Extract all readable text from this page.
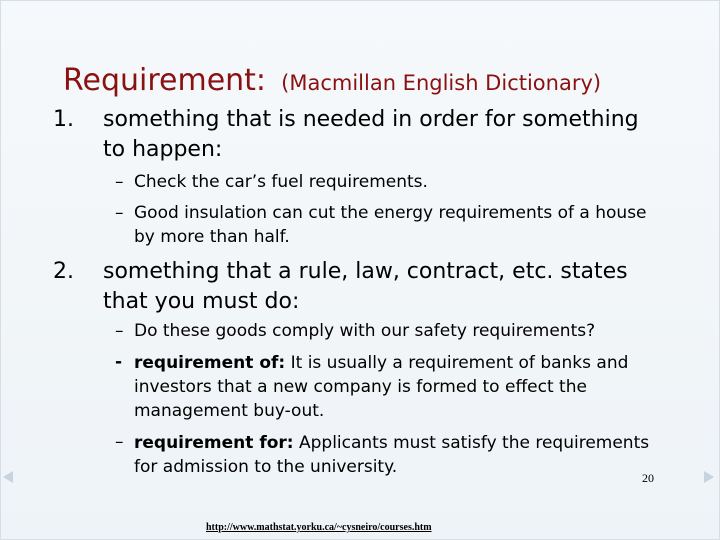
Requirement: (Macmillan English Dictionary)
1. something that is needed in order for something to happen:
– Check the car’s fuel requirements.
– Good insulation can cut the energy requirements of a house by more than half.
2. something that a rule, law, contract, etc. states that you must do:
– Do these goods comply with our safety requirements?
- requirement of: It is usually a requirement of banks and investors that a new company is formed to effect the management buy-out.
– requirement for: Applicants must satisfy the requirements for admission to the university.
20
http://www.mathstat.yorku.ca/~cysneiro/courses.htm
